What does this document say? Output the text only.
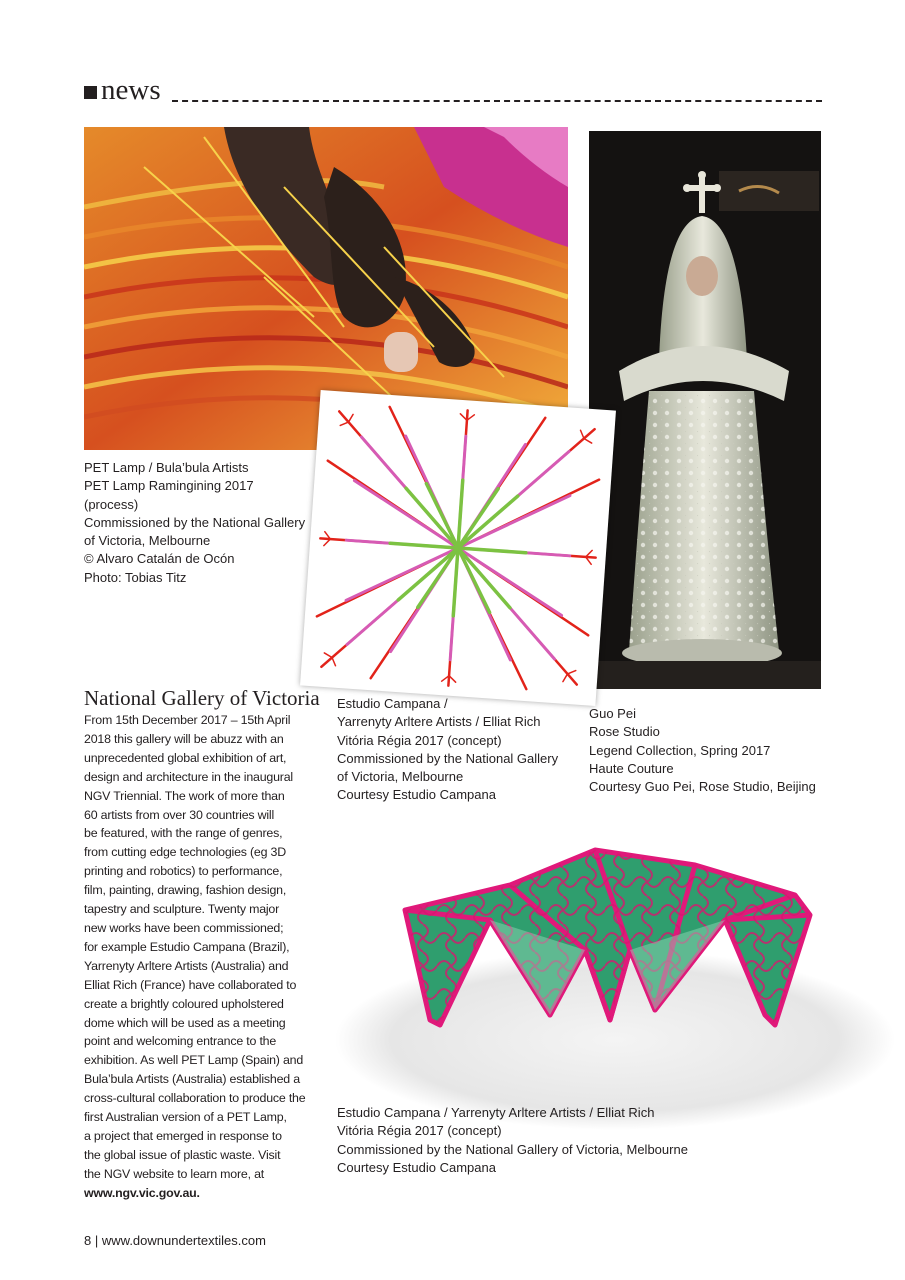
news
PET Lamp / Bula’bula Artists
PET Lamp Ramingining 2017
(process)
Commissioned by the National Gallery
of Victoria, Melbourne
© Alvaro Catalán de Ocón
Photo: Tobias Titz
Estudio Campana /
Yarrenyty Arltere Artists / Elliat Rich
Vitória Régia 2017 (concept)
Commissioned by the National Gallery
of Victoria, Melbourne
Courtesy Estudio Campana
Guo Pei
Rose Studio
Legend Collection, Spring 2017
Haute Couture
Courtesy Guo Pei, Rose Studio, Beijing
Estudio Campana / Yarrenyty Arltere Artists / Elliat Rich
Vitória Régia 2017 (concept)
Commissioned by the National Gallery of Victoria, Melbourne
Courtesy Estudio Campana
National Gallery of Victoria
From 15th December 2017 – 15th April
2018 this gallery will be abuzz with an
unprecedented global exhibition of art,
design and architecture in the inaugural
NGV Triennial. The work of more than
60 artists from over 30 countries will
be featured, with the range of genres,
from cutting edge technologies (eg 3D
printing and robotics) to performance,
film, painting, drawing, fashion design,
tapestry and sculpture. Twenty major
new works have been commissioned;
for example Estudio Campana (Brazil),
Yarrenyty Arltere Artists (Australia) and
Elliat Rich (France) have collaborated to
create a brightly coloured upholstered
dome which will be used as a meeting
point and welcoming entrance to the
exhibition. As well PET Lamp (Spain) and
Bula’bula Artists (Australia) established a
cross-cultural collaboration to produce the
first Australian version of a PET Lamp,
a project that emerged in response to
the global issue of plastic waste. Visit
the NGV website to learn more, at
www.ngv.vic.gov.au.
8 | www.downundertextiles.com
